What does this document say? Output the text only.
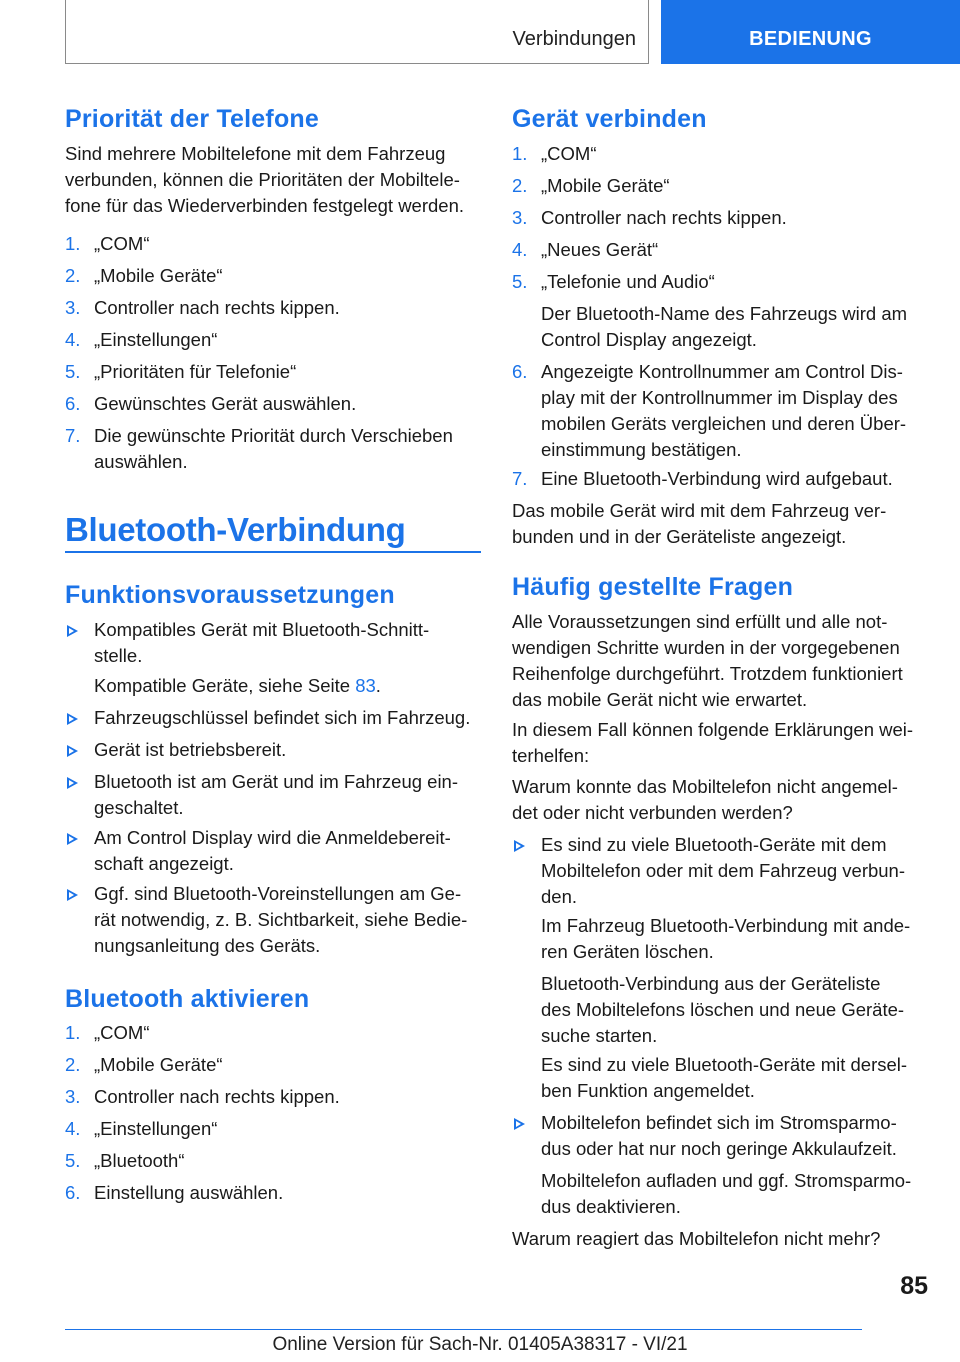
Verbindungen	BEDIENUNG
Priorität der Telefone
Sind mehrere Mobiltelefone mit dem Fahrzeug
verbunden, können die Prioritäten der Mobiltele-
fone für das Wiederverbinden festgelegt werden.
1. „COM“
2. „Mobile Geräte“
3. Controller nach rechts kippen.
4. „Einstellungen“
5. „Prioritäten für Telefonie“
6. Gewünschtes Gerät auswählen.
7. Die gewünschte Priorität durch Verschieben
auswählen.
Bluetooth-Verbindung
Funktionsvoraussetzungen
Kompatibles Gerät mit Bluetooth-Schnitt-
stelle.
Kompatible Geräte, siehe Seite 83.
Fahrzeugschlüssel befindet sich im Fahrzeug.
Gerät ist betriebsbereit.
Bluetooth ist am Gerät und im Fahrzeug ein-
geschaltet.
Am Control Display wird die Anmeldebereit-
schaft angezeigt.
Ggf. sind Bluetooth-Voreinstellungen am Ge-
rät notwendig, z. B. Sichtbarkeit, siehe Bedie-
nungsanleitung des Geräts.
Bluetooth aktivieren
1. „COM“
2. „Mobile Geräte“
3. Controller nach rechts kippen.
4. „Einstellungen“
5. „Bluetooth“
6. Einstellung auswählen.
Gerät verbinden
1. „COM“
2. „Mobile Geräte“
3. Controller nach rechts kippen.
4. „Neues Gerät“
5. „Telefonie und Audio“
Der Bluetooth-Name des Fahrzeugs wird am
Control Display angezeigt.
6. Angezeigte Kontrollnummer am Control Dis-
play mit der Kontrollnummer im Display des
mobilen Geräts vergleichen und deren Über-
einstimmung bestätigen.
7. Eine Bluetooth-Verbindung wird aufgebaut.
Das mobile Gerät wird mit dem Fahrzeug ver-
bunden und in der Geräteliste angezeigt.
Häufig gestellte Fragen
Alle Voraussetzungen sind erfüllt und alle not-
wendigen Schritte wurden in der vorgegebenen
Reihenfolge durchgeführt. Trotzdem funktioniert
das mobile Gerät nicht wie erwartet.
In diesem Fall können folgende Erklärungen wei-
terhelfen:
Warum konnte das Mobiltelefon nicht angemel-
det oder nicht verbunden werden?
Es sind zu viele Bluetooth-Geräte mit dem
Mobiltelefon oder mit dem Fahrzeug verbun-
den.
Im Fahrzeug Bluetooth-Verbindung mit ande-
ren Geräten löschen.
Bluetooth-Verbindung aus der Geräteliste
des Mobiltelefons löschen und neue Geräte-
suche starten.
Es sind zu viele Bluetooth-Geräte mit dersel-
ben Funktion angemeldet.
Mobiltelefon befindet sich im Stromsparmo-
dus oder hat nur noch geringe Akkulaufzeit.
Mobiltelefon aufladen und ggf. Stromsparmo-
dus deaktivieren.
Warum reagiert das Mobiltelefon nicht mehr?
85
Online Version für Sach-Nr. 01405A38317 - VI/21
